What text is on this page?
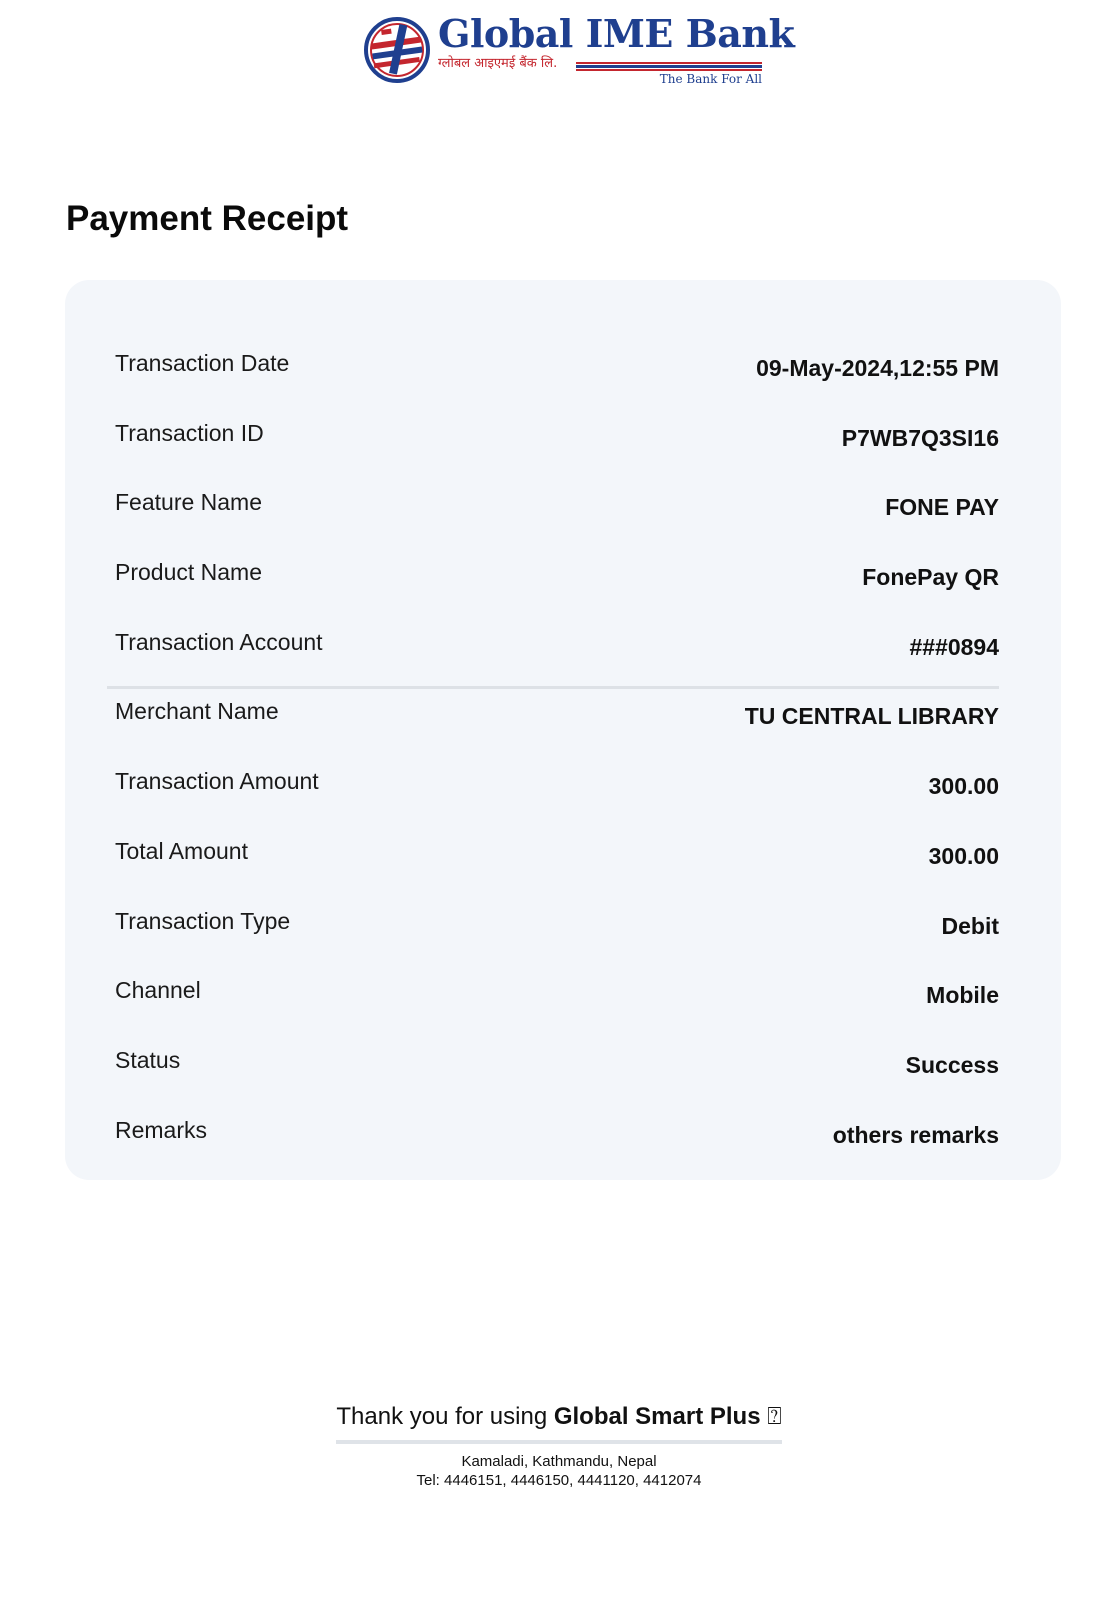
Global IME Bank
ग्लोबल आइएमई बैंक लि.
The Bank For All
Payment Receipt
Transaction Date	09-May-2024,12:55 PM
Transaction ID	P7WB7Q3SI16
Feature Name	FONE PAY
Product Name	FonePay QR
Transaction Account	###0894
Merchant Name	TU CENTRAL LIBRARY
Transaction Amount	300.00
Total Amount	300.00
Transaction Type	Debit
Channel	Mobile
Status	Success
Remarks	others remarks
Thank you for using Global Smart Plus ⍰
Kamaladi, Kathmandu, Nepal
Tel: 4446151, 4446150, 4441120, 4412074
